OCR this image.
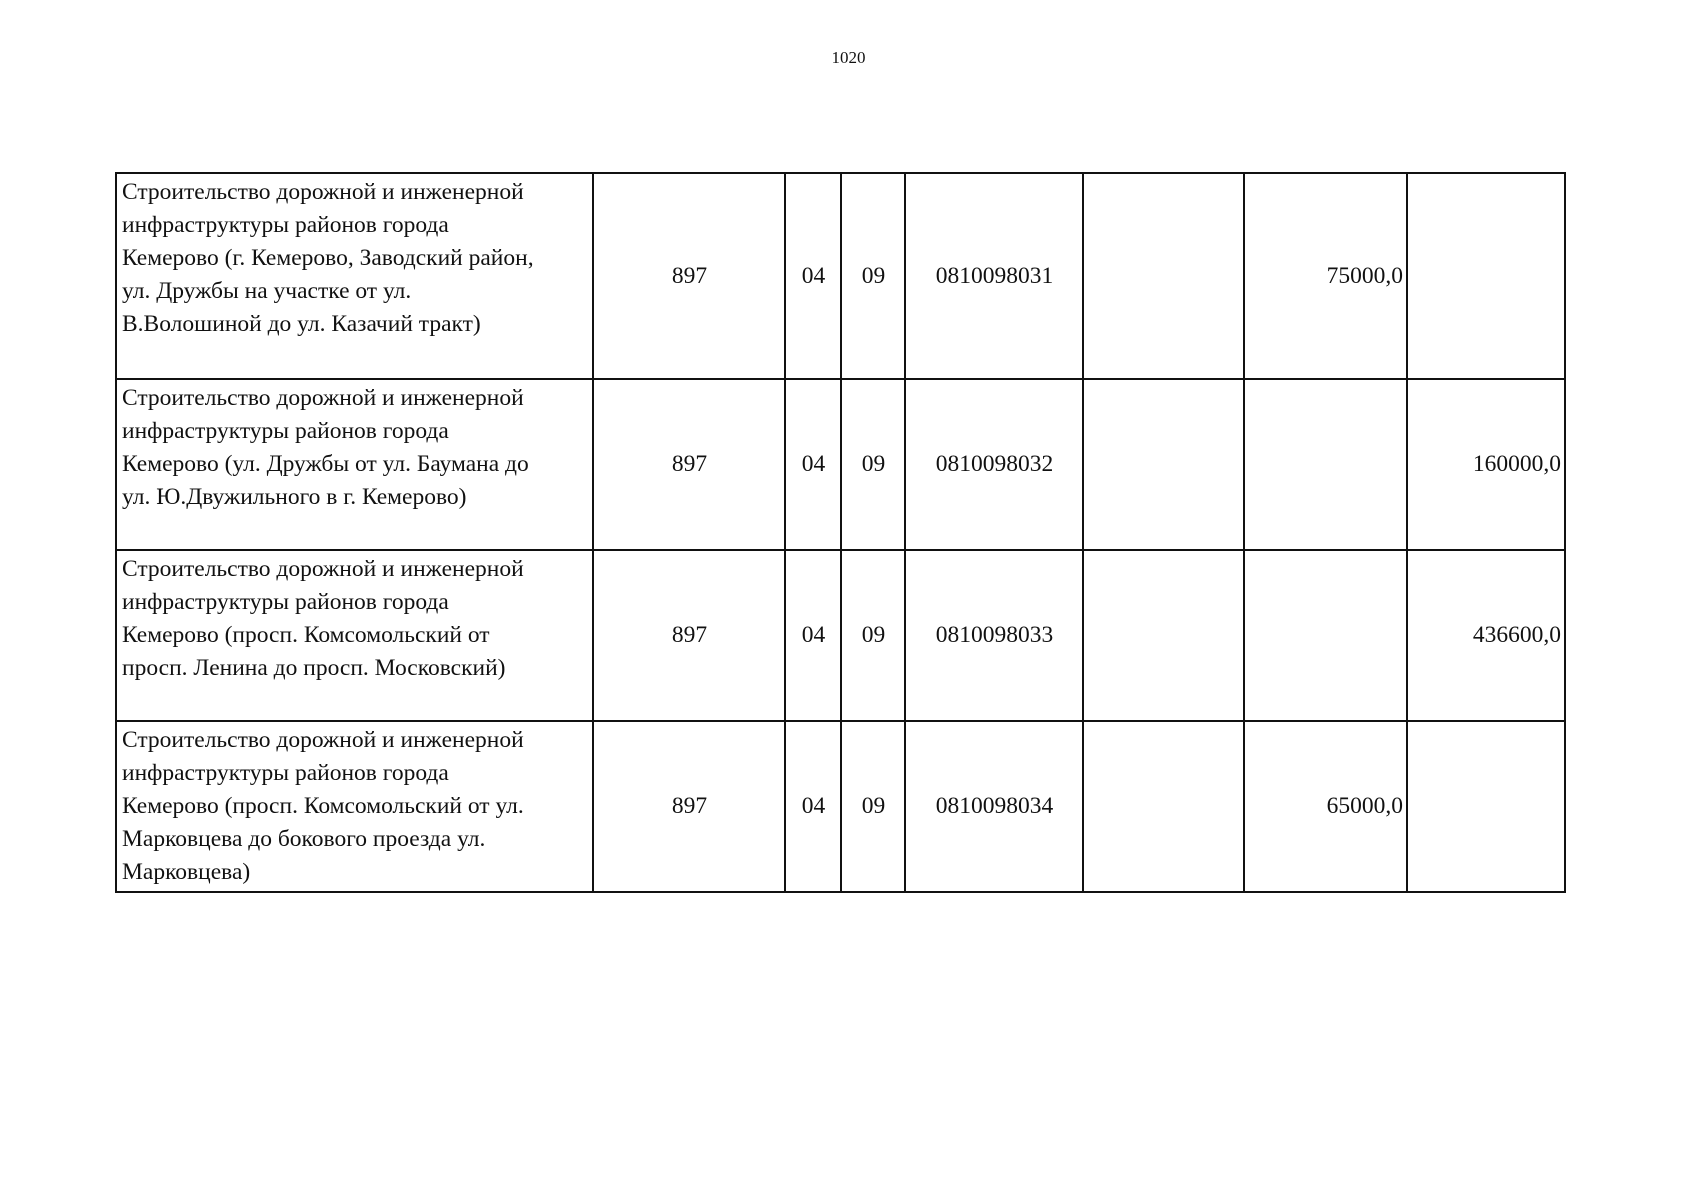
1020
Строительство дорожной и инженерной
инфраструктуры районов города
Кемерово (г. Кемерово, Заводский район,
ул. Дружбы на участке от ул.
В.Волошиной до ул. Казачий тракт)	897	04	09	0810098031		75000,0	

Строительство дорожной и инженерной
инфраструктуры районов города
Кемерово (ул. Дружбы от ул. Баумана до
ул. Ю.Двужильного в г. Кемерово)	897	04	09	0810098032			160000,0

Строительство дорожной и инженерной
инфраструктуры районов города
Кемерово (просп. Комсомольский от
просп. Ленина до просп. Московский)	897	04	09	0810098033			436600,0

Строительство дорожной и инженерной
инфраструктуры районов города
Кемерово (просп. Комсомольский от ул.
Марковцева до бокового проезда ул.
Марковцева)	897	04	09	0810098034		65000,0	
